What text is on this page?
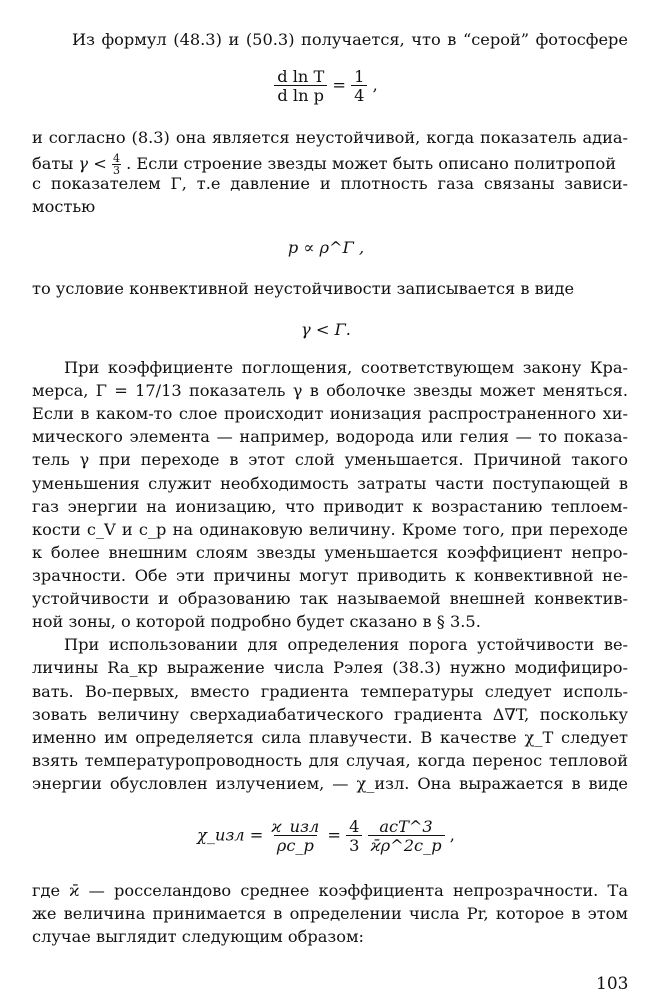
Из формул (48.3) и (50.3) получается, что в “серой” фотосфере
$\frac{\text{d ln T}}{\text{d ln p}} = \frac{1}{4}$ ,
и согласно (8.3) она является неустойчивой, когда показатель адиа-
баты $\gamma < \frac{4}{3}$ . Если строение звезды может быть описано политропой
с показателем Γ, т.е давление и плотность газа связаны зависи-
мостью
p ∝ ρ^Γ ,
то условие конвективной неустойчивости записывается в виде
γ < Γ.
При коэффициенте поглощения, соответствующем закону Кра-
мерса, Γ = 17/13 показатель γ в оболочке звезды может меняться.
Если в каком-то слое происходит ионизация распространенного хи-
мического элемента — например, водорода или гелия — то показа-
тель γ при переходе в этот слой уменьшается. Причиной такого
уменьшения служит необходимость затраты части поступающей в
газ энергии на ионизацию, что приводит к возрастанию теплоем-
кости c_V и c_p на одинаковую величину. Кроме того, при переходе
к более внешним слоям звезды уменьшается коэффициент непро-
зрачности. Обе эти причины могут приводить к конвективной не-
устойчивости и образованию так называемой внешней конвектив-
ной зоны, о которой подробно будет сказано в § 3.5.
При использовании для определения порога устойчивости ве-
личины Ra_кр выражение числа Рэлея (38.3) нужно модифициро-
вать. Во-первых, вместо градиента температуры следует исполь-
зовать величину сверхадиабатического градиента Δ∇T, поскольку
именно им определяется сила плавучести. В качестве χ_T следует
взять температуропроводность для случая, когда перенос тепловой
энергии обусловлен излучением, — χ_изл. Она выражается в виде
χ_изл = $\frac{\text{ϰ\_изл}}{\rho c\_p} = \frac{4}{3}$
$\frac{\text{acT\textasciicircum{}3}}{ϰ̄\rho\^{}2c\_p}$ ,
где ϰ̄ — росселандово среднее коэффициента непрозрачности. Та
же величина принимается в определении числа Pr, которое в этом
случае выглядит следующим образом:
103
